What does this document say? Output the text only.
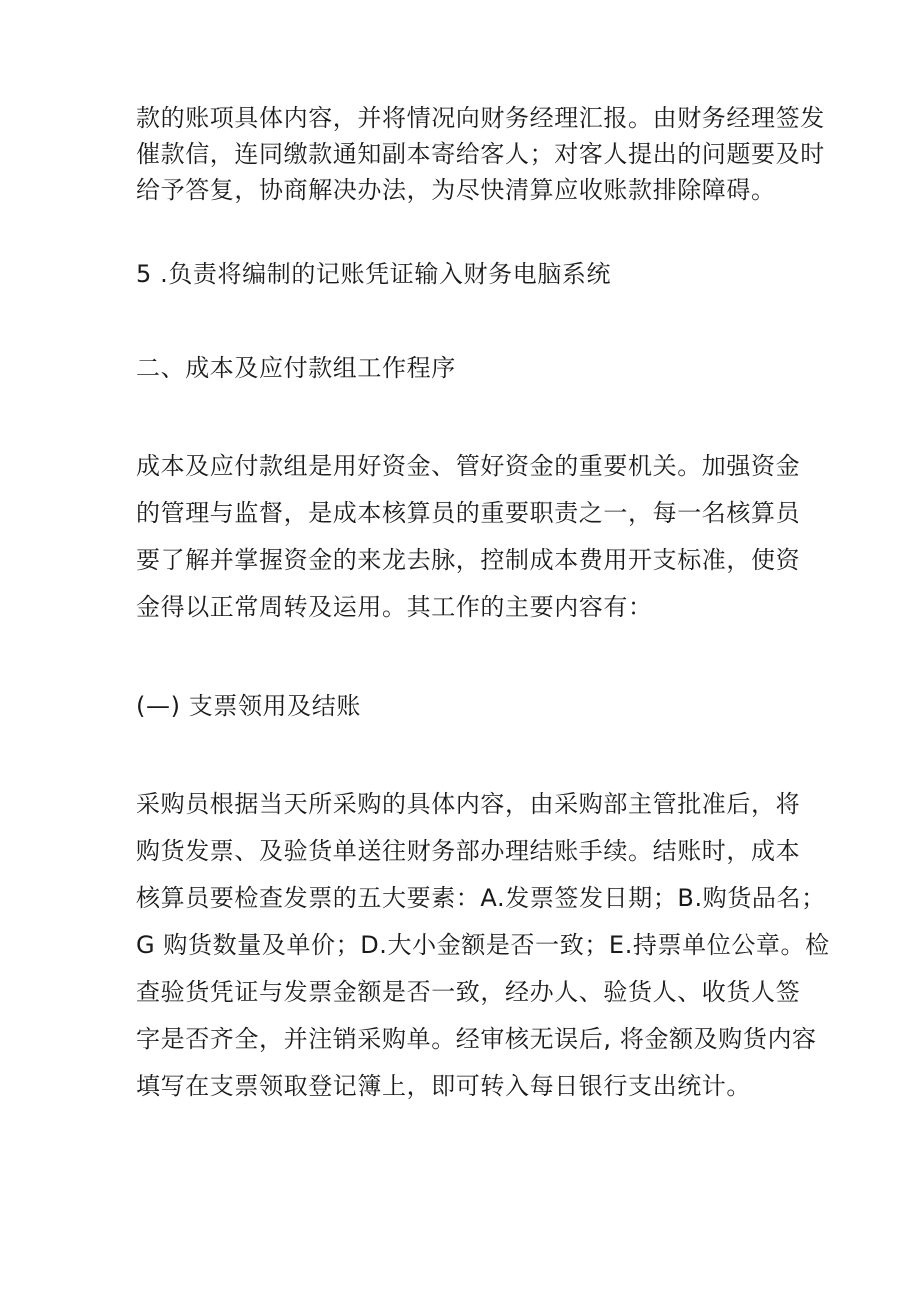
款的账项具体内容，并将情况向财务经理汇报。由财务经理签发
催款信，连同缴款通知副本寄给客人；对客人提出的问题要及时
给予答复，协商解决办法，为尽快清算应收账款排除障碍。
5 .负责将编制的记账凭证输入财务电脑系统
二、成本及应付款组工作程序
成本及应付款组是用好资金、管好资金的重要机关。加强资金
的管理与监督，是成本核算员的重要职责之一，每一名核算员
要了解并掌握资金的来龙去脉，控制成本费用开支标准，使资
金得以正常周转及运用。其工作的主要内容有：
(—) 支票领用及结账
采购员根据当天所采购的具体内容，由采购部主管批准后，将
购货发票、及验货单送往财务部办理结账手续。结账时，成本
核算员要检查发票的五大要素：A.发票签发日期；B.购货品名；
G 购货数量及单价；D.大小金额是否一致；E.持票单位公章。检
查验货凭证与发票金额是否一致，经办人、验货人、收货人签
字是否齐全，并注销采购单。经审核无误后, 将金额及购货内容
填写在支票领取登记簿上，即可转入每日银行支出统计。
